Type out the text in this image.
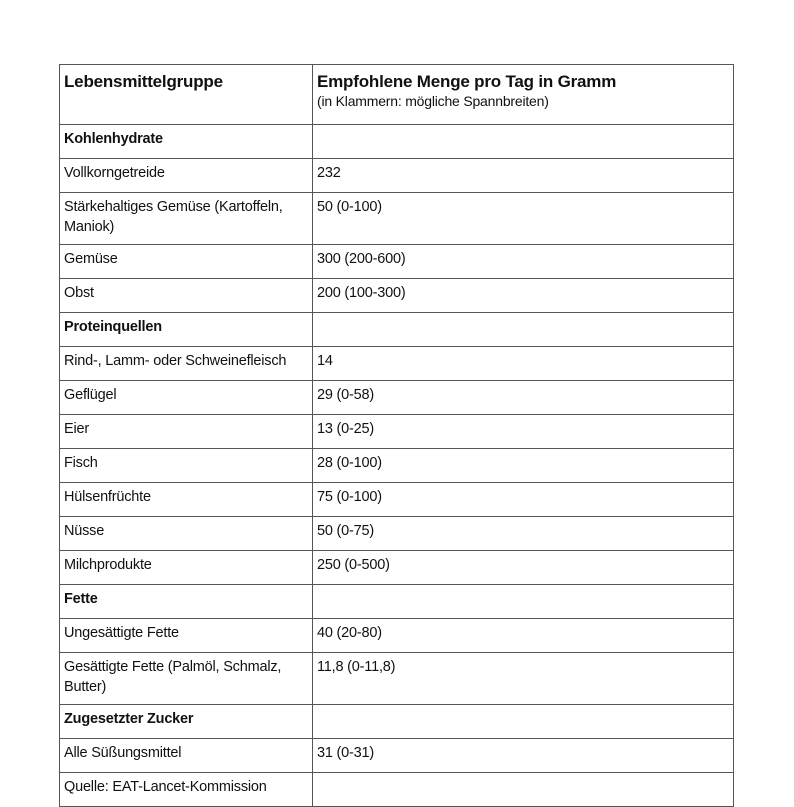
Lebensmittelgruppe	Empfohlene Menge pro Tag in Gramm
(in Klammern: mögliche Spannbreiten)

Kohlenhydrate	
Vollkorngetreide	232
Stärkehaltiges Gemüse (Kartoffeln, Maniok)	50 (0-100)
Gemüse	300 (200-600)
Obst	200 (100-300)
Proteinquellen	
Rind-, Lamm- oder Schweinefleisch	14
Geflügel	29 (0-58)
Eier	13 (0-25)
Fisch	28 (0-100)
Hülsenfrüchte	75 (0-100)
Nüsse	50 (0-75)
Milchprodukte	250 (0-500)
Fette	
Ungesättigte Fette	40 (20-80)
Gesättigte Fette (Palmöl, Schmalz, Butter)	11,8 (0-11,8)
Zugesetzter Zucker	
Alle Süßungsmittel	31 (0-31)
Quelle: EAT-Lancet-Kommission	
